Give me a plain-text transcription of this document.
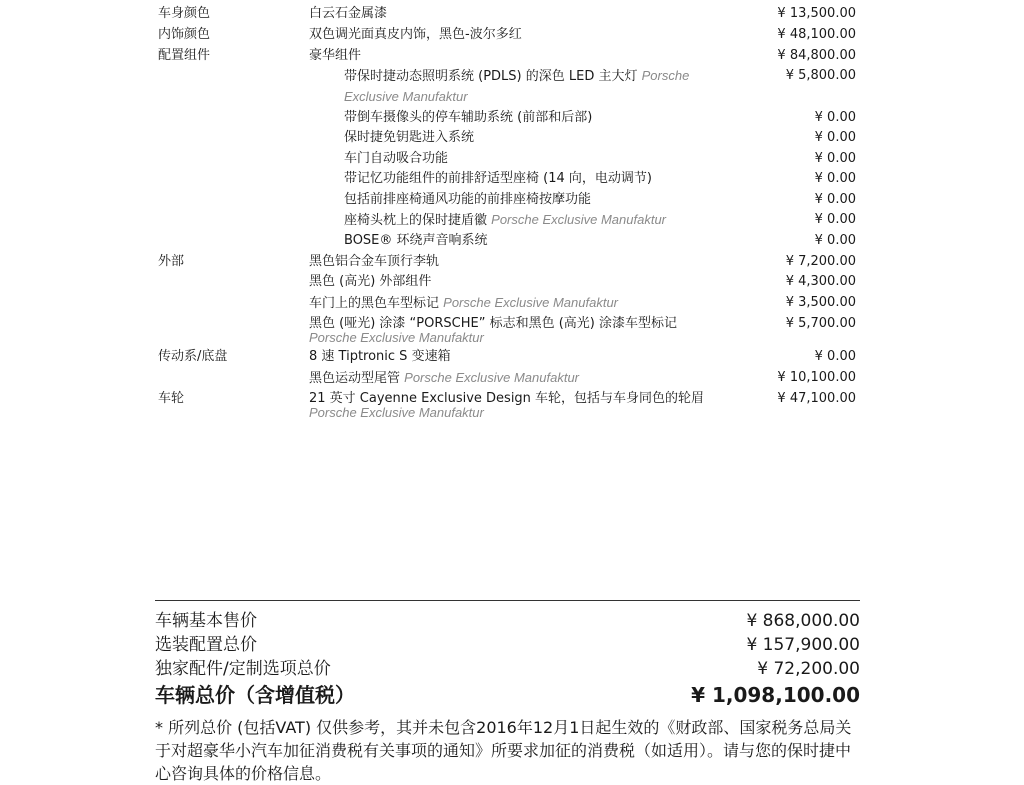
车身颜色	白云石金属漆	¥ 13,500.00
内饰颜色	双色调光面真皮内饰，黑色-波尔多红	¥ 48,100.00
配置组件	豪华组件	¥ 84,800.00
带保时捷动态照明系统 (PDLS) 的深色 LED 主大灯 Porsche	¥ 5,800.00
Exclusive Manufaktur
带倒车摄像头的停车辅助系统 (前部和后部)	¥ 0.00
保时捷免钥匙进入系统	¥ 0.00
车门自动吸合功能	¥ 0.00
带记忆功能组件的前排舒适型座椅 (14 向，电动调节)	¥ 0.00
包括前排座椅通风功能的前排座椅按摩功能	¥ 0.00
座椅头枕上的保时捷盾徽 Porsche Exclusive Manufaktur	¥ 0.00
BOSE® 环绕声音响系统	¥ 0.00
外部	黑色铝合金车顶行李轨	¥ 7,200.00
黑色 (高光) 外部组件	¥ 4,300.00
车门上的黑色车型标记 Porsche Exclusive Manufaktur	¥ 3,500.00
黑色 (哑光) 涂漆 “PORSCHE” 标志和黑色 (高光) 涂漆车型标记	¥ 5,700.00
Porsche Exclusive Manufaktur
传动系/底盘	8 速 Tiptronic S 变速箱	¥ 0.00
黑色运动型尾管 Porsche Exclusive Manufaktur	¥ 10,100.00
车轮	21 英寸 Cayenne Exclusive Design 车轮，包括与车身同色的轮眉	¥ 47,100.00
Porsche Exclusive Manufaktur
车辆基本售价	¥ 868,000.00
选装配置总价	¥ 157,900.00
独家配件/定制选项总价	¥ 72,200.00
车辆总价（含增值税）	¥ 1,098,100.00
* 所列总价 (包括VAT) 仅供参考，其并未包含2016年12月1日起生效的《财政部、国家税务总局关于对超豪华小汽车加征消费税有关事项的通知》所要求加征的消费税（如适用）。请与您的保时捷中心咨询具体的价格信息。
